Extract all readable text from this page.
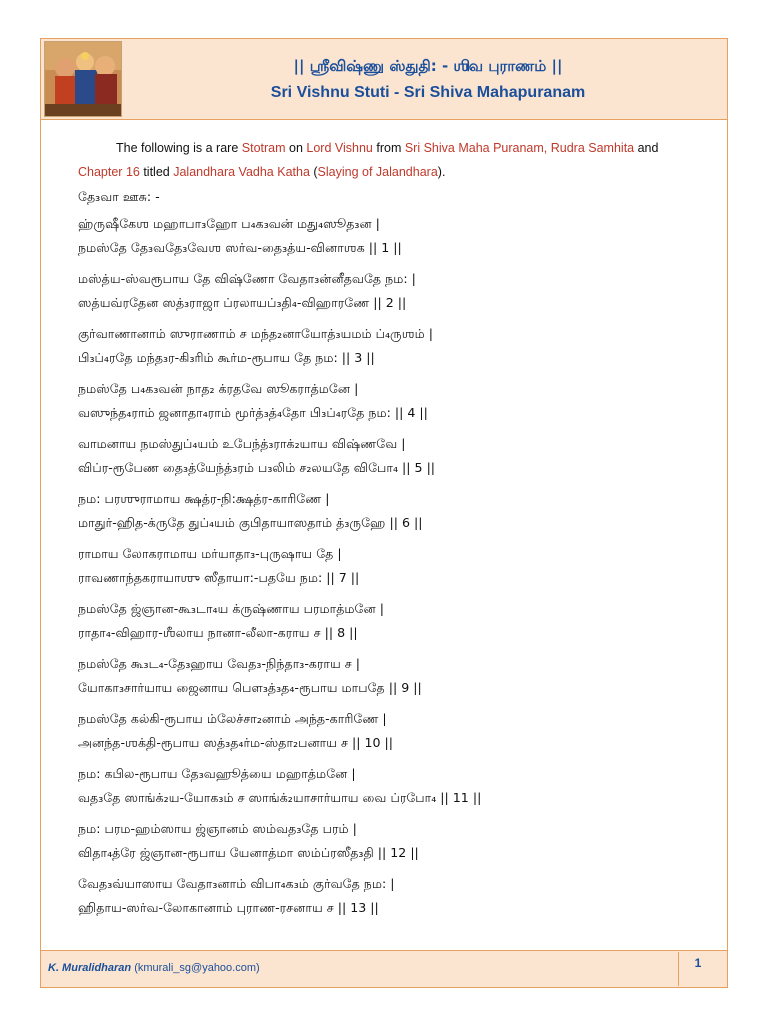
|| ஸ்ரீவிஷ்ணு ஸ்துதி: - ஶிவ புராணம் ||
Sri Vishnu Stuti - Sri Shiva Mahapuranam
The following is a rare Stotram on Lord Vishnu from Sri Shiva Maha Puranam, Rudra Samhita and Chapter 16 titled Jalandhara Vadha Katha (Slaying of Jalandhara).
தே₃வா ஊசு: -
ஹ்ருஷீகேஶ மஹாபா₃ஹோ ப₄க₃வன் மது₄ஸூத₃ன |
நமஸ்தே தே₃வதே₃வேஶ ஸர்வ-தை₃த்ய-வினாஶக || 1 ||
மஸ்த்ய-ஸ்வரூபாய தே விஷ்ணோ வேதா₃ன்னீதவதே நம: |
ஸத்யவ்ரதேன ஸத்₃ராஜா ப்ரலாயப்₃தி₄-விஹாரணே || 2 ||
குர்வாணானாம் ஸுராணாம் ச மந்த₂னாயோத்₃யமம் ப்₄ருஶம் |
பி₃ப்₄ரதே மந்த₃ர-கி₃ரிம் கூர்ம-ரூபாய தே நம: || 3 ||
நமஸ்தே ப₄க₃வன் நாத₂ க்ரதவே ஸூகராத்மனே |
வஸுந்த₄ராம் ஜனாதா₄ராம் மூர்த்₃த்₄தோ பி₃ப்₄ரதே நம: || 4 ||
வாமனாய நமஸ்துப்₄யம் உபேந்த்₃ராக்₂யாய விஷ்ணவே |
விப்ர-ரூபேண தை₃த்யேந்த்₃ரம் ப₃லிம் ச₂லயதே விபோ₄ || 5 ||
நம: பரஶுராமாய க்ஷத்ர-நி:க்ஷத்ர-காரிணே |
மாதுர்-ஹித-க்ருதே துப்₄யம் குபிதாயாஸதாம் த்₃ருஹே || 6 ||
ராமாய லோகராமாய மர்யாதா₃-புருஷாய தே |
ராவணாந்தகராயாஶு ஸீதாயா:-பதயே நம: || 7 ||
நமஸ்தே ஜ்ஞான-கூ₃டா₄ய க்ருஷ்ணாய பரமாத்மனே |
ராதா₄-விஹார-ஶீலாய நானா-லீலா-கராய ச || 8 ||
நமஸ்தே கூ₃ட₄-தே₃ஹாய வேத₃-நிந்தா₃-கராய ச |
யோகா₃சார்யாய ஜைனாய பௌ₃த்₃த₄-ரூபாய மாபதே || 9 ||
நமஸ்தே கல்கி-ரூபாய ம்லேச்சா₂னாம் அந்த-காரிணே |
அனந்த-ஶக்தி-ரூபாய ஸத்₃த₄ர்ம-ஸ்தா₂பனாய ச || 10 ||
நம: கபில-ரூபாய தே₃வஹூத்யை மஹாத்மனே |
வத₃தே ஸாங்க்₂ய-யோக₃ம் ச ஸாங்க்₂யாசார்யாய வை ப்ரபோ₄ || 11 ||
நம: பரம-ஹம்ஸாய ஜ்ஞானம் ஸம்வத₃தே பரம் |
விதா₄த்ரே ஜ்ஞான-ரூபாய யேனாத்மா ஸம்ப்ரஸீத₃தி || 12 ||
வேத₃வ்யாஸாய வேதா₃னாம் விபா₄க₃ம் குர்வதே நம: |
ஹிதாய-ஸர்வ-லோகானாம் புராண-ரசனாய ச || 13 ||
K. Muralidharan (kmurali_sg@yahoo.com)	1
